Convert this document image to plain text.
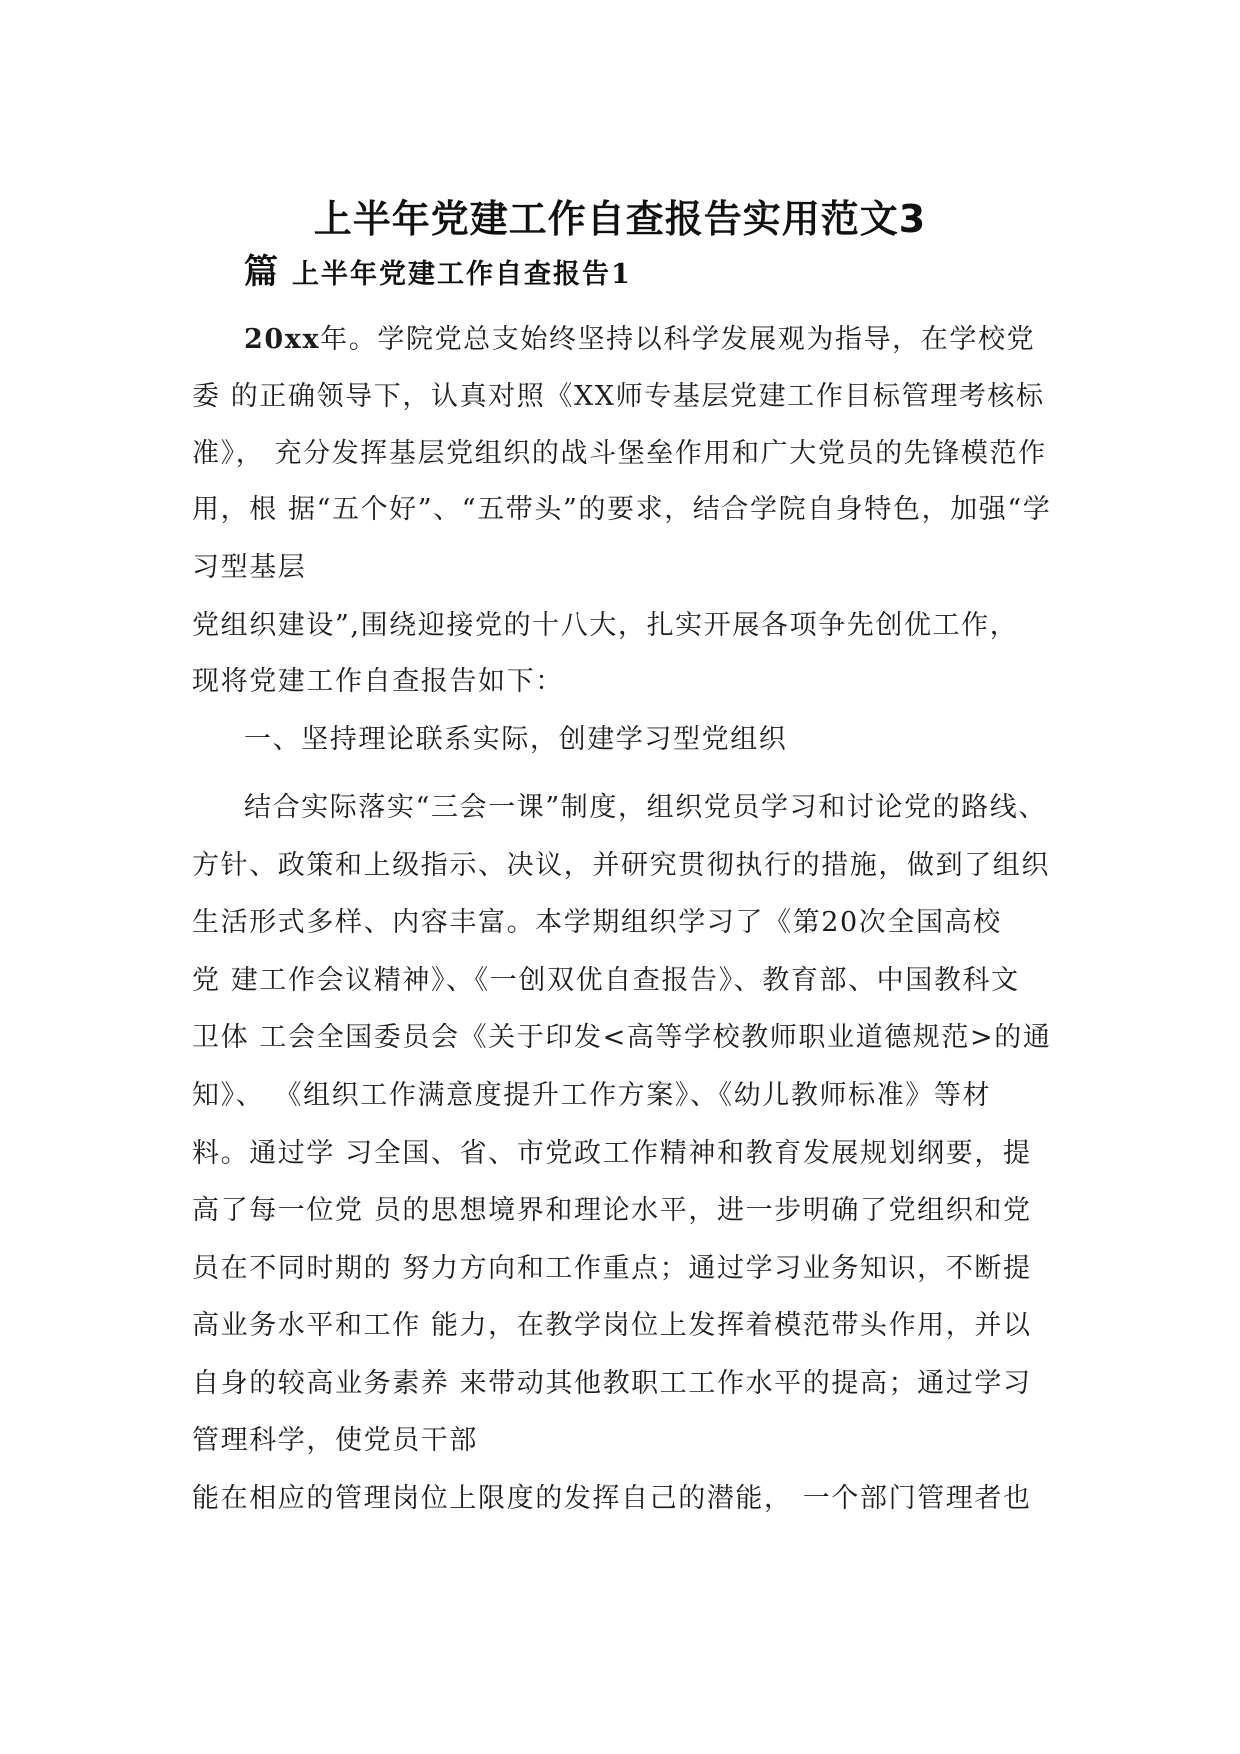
上半年党建工作自查报告实用范文3
篇 上半年党建工作自查报告1
20xx年。学院党总支始终坚持以科学发展观为指导，在学校党
委 的正确领导下，认真对照《XX师专基层党建工作目标管理考核标
准》， 充分发挥基层党组织的战斗堡垒作用和广大党员的先锋模范作
用，根 据“五个好”、“五带头”的要求，结合学院自身特色，加强“学
习型基层
党组织建设”,围绕迎接党的十八大，扎实开展各项争先创优工作，
现将党建工作自查报告如下：
一、坚持理论联系实际，创建学习型党组织
结合实际落实“三会一课”制度，组织党员学习和讨论党的路线、
方针、政策和上级指示、决议，并研究贯彻执行的措施，做到了组织
生活形式多样、内容丰富。本学期组织学习了《第20次全国高校
党 建工作会议精神》、《一创双优自查报告》、教育部、中国教科文
卫体 工会全国委员会《关于印发<高等学校教师职业道德规范>的通
知》、 《组织工作满意度提升工作方案》、《幼儿教师标准》等材
料。通过学 习全国、省、市党政工作精神和教育发展规划纲要，提
高了每一位党 员的思想境界和理论水平，进一步明确了党组织和党
员在不同时期的 努力方向和工作重点；通过学习业务知识，不断提
高业务水平和工作 能力，在教学岗位上发挥着模范带头作用，并以
自身的较高业务素养 来带动其他教职工工作水平的提高；通过学习
管理科学，使党员干部
能在相应的管理岗位上限度的发挥自己的潜能， 一个部门管理者也
